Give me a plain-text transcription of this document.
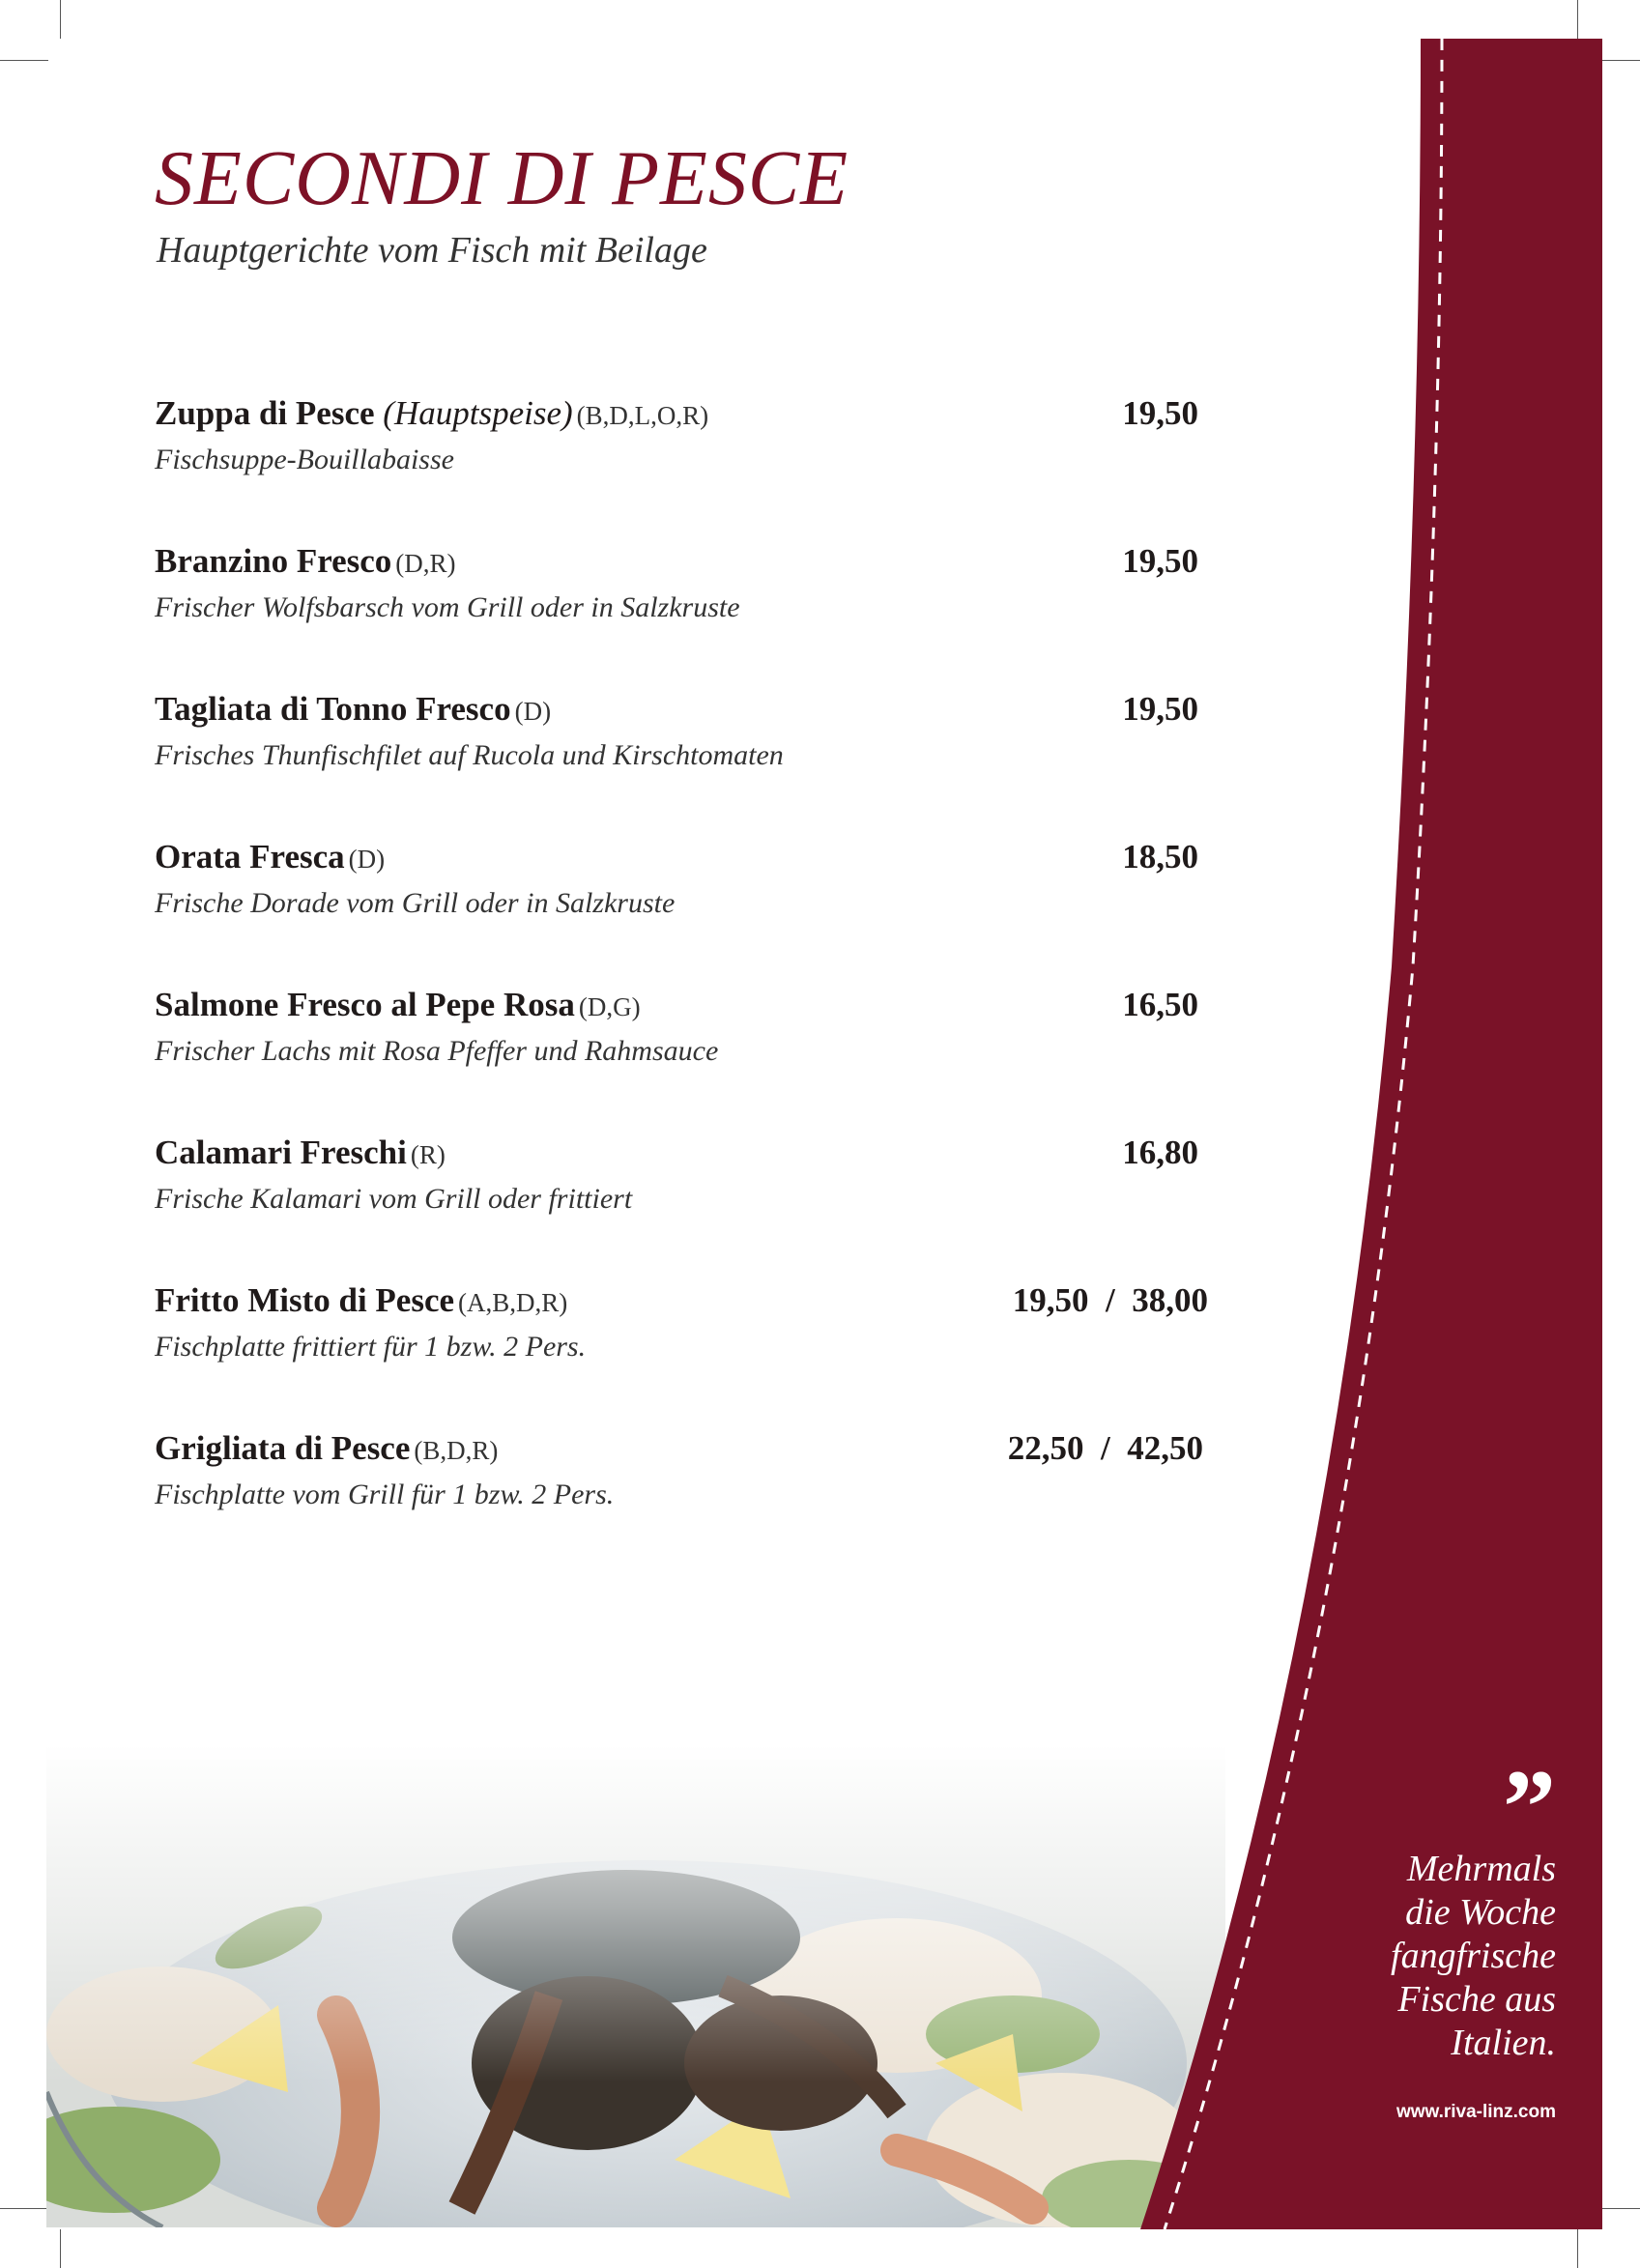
SECONDI DI PESCE

Hauptgerichte vom Fisch mit Beilage

Zuppa di Pesce (Hauptspeise) (B,D,L,O,R)	19,50
Fischsuppe-Bouillabaisse
Branzino Fresco (D,R)	19,50
Frischer Wolfsbarsch vom Grill oder in Salzkruste
Tagliata di Tonno Fresco (D)	19,50
Frisches Thunfischfilet auf Rucola und Kirschtomaten
Orata Fresca (D)	18,50
Frische Dorade vom Grill oder in Salzkruste
Salmone Fresco al Pepe Rosa (D,G)	16,50
Frischer Lachs mit Rosa Pfeffer und Rahmsauce
Calamari Freschi (R)	16,80
Frische Kalamari vom Grill oder frittiert
Fritto Misto di Pesce (A,B,D,R)	19,50  /  38,00
Fischplatte frittiert für 1 bzw. 2 Pers.
Grigliata di Pesce (B,D,R)	22,50  /  42,50
Fischplatte vom Grill für 1 bzw. 2 Pers.
”
Mehrmals
die Woche
fangfrische
Fische aus
Italien.
www.riva-linz.com
